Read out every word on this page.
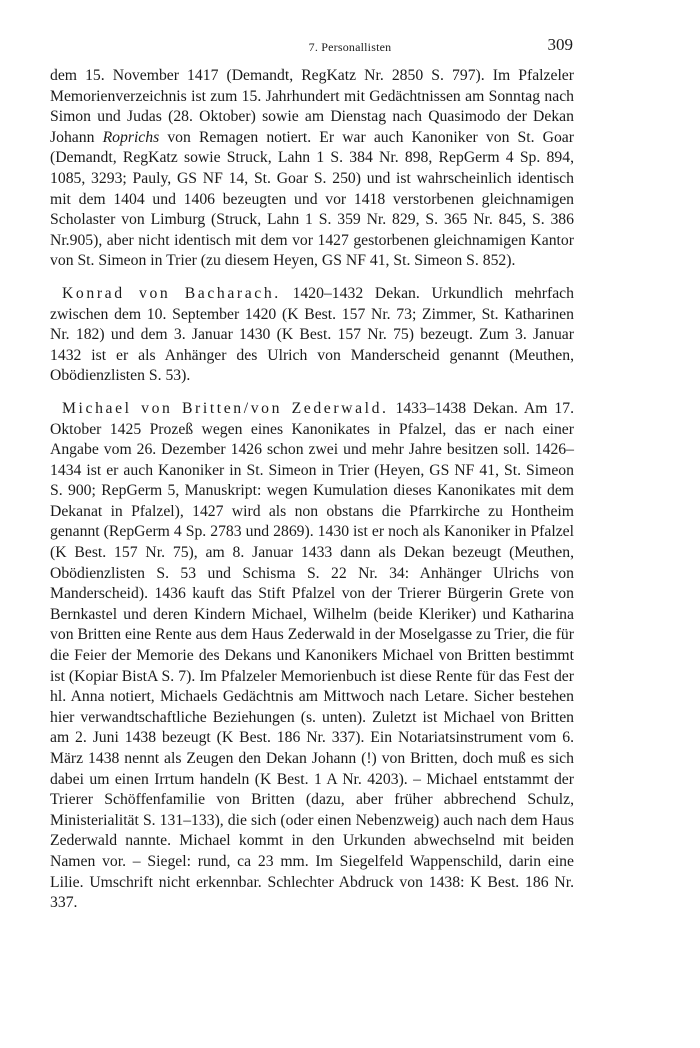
7. Personallisten	309

dem 15. November 1417 (Demandt, RegKatz Nr. 2850 S. 797). Im Pfalzeler Memorienverzeichnis ist zum 15. Jahrhundert mit Gedächtnissen am Sonntag nach Simon und Judas (28. Oktober) sowie am Dienstag nach Quasimodo der Dekan Johann Roprichs von Remagen notiert. Er war auch Kanoniker von St. Goar (Demandt, RegKatz sowie Struck, Lahn 1 S. 384 Nr. 898, RepGerm 4 Sp. 894, 1085, 3293; Pauly, GS NF 14, St. Goar S. 250) und ist wahrscheinlich identisch mit dem 1404 und 1406 bezeugten und vor 1418 verstorbenen gleichnamigen Scholaster von Limburg (Struck, Lahn 1 S. 359 Nr. 829, S. 365 Nr. 845, S. 386 Nr.905), aber nicht identisch mit dem vor 1427 gestorbenen gleichnamigen Kantor von St. Simeon in Trier (zu diesem Heyen, GS NF 41, St. Simeon S. 852).

Konrad von Bacharach. 1420–1432 Dekan. Urkundlich mehrfach zwischen dem 10. September 1420 (K Best. 157 Nr. 73; Zimmer, St. Katharinen Nr. 182) und dem 3. Januar 1430 (K Best. 157 Nr. 75) bezeugt. Zum 3. Januar 1432 ist er als Anhänger des Ulrich von Manderscheid genannt (Meuthen, Obödienzlisten S. 53).

Michael von Britten/von Zederwald. 1433–1438 Dekan. Am 17. Oktober 1425 Prozeß wegen eines Kanonikates in Pfalzel, das er nach einer Angabe vom 26. Dezember 1426 schon zwei und mehr Jahre besitzen soll. 1426–1434 ist er auch Kanoniker in St. Simeon in Trier (Heyen, GS NF 41, St. Simeon S. 900; RepGerm 5, Manuskript: wegen Kumulation dieses Kanonikates mit dem Dekanat in Pfalzel), 1427 wird als non obstans die Pfarrkirche zu Hontheim genannt (RepGerm 4 Sp. 2783 und 2869). 1430 ist er noch als Kanoniker in Pfalzel (K Best. 157 Nr. 75), am 8. Januar 1433 dann als Dekan bezeugt (Meuthen, Obödienzlisten S. 53 und Schisma S. 22 Nr. 34: Anhänger Ulrichs von Manderscheid). 1436 kauft das Stift Pfalzel von der Trierer Bürgerin Grete von Bernkastel und deren Kindern Michael, Wilhelm (beide Kleriker) und Katharina von Britten eine Rente aus dem Haus Zederwald in der Moselgasse zu Trier, die für die Feier der Memorie des Dekans und Kanonikers Michael von Britten bestimmt ist (Kopiar BistA S. 7). Im Pfalzeler Memorienbuch ist diese Rente für das Fest der hl. Anna notiert, Michaels Gedächtnis am Mittwoch nach Letare. Sicher bestehen hier verwandtschaftliche Beziehungen (s. unten). Zuletzt ist Michael von Britten am 2. Juni 1438 bezeugt (K Best. 186 Nr. 337). Ein Notariatsinstrument vom 6. März 1438 nennt als Zeugen den Dekan Johann (!) von Britten, doch muß es sich dabei um einen Irrtum handeln (K Best. 1 A Nr. 4203). – Michael entstammt der Trierer Schöffenfamilie von Britten (dazu, aber früher abbrechend Schulz, Ministerialität S. 131–133), die sich (oder einen Nebenzweig) auch nach dem Haus Zederwald nannte. Michael kommt in den Urkunden abwechselnd mit beiden Namen vor. – Siegel: rund, ca 23 mm. Im Siegelfeld Wappenschild, darin eine Lilie. Umschrift nicht erkennbar. Schlechter Abdruck von 1438: K Best. 186 Nr. 337.
